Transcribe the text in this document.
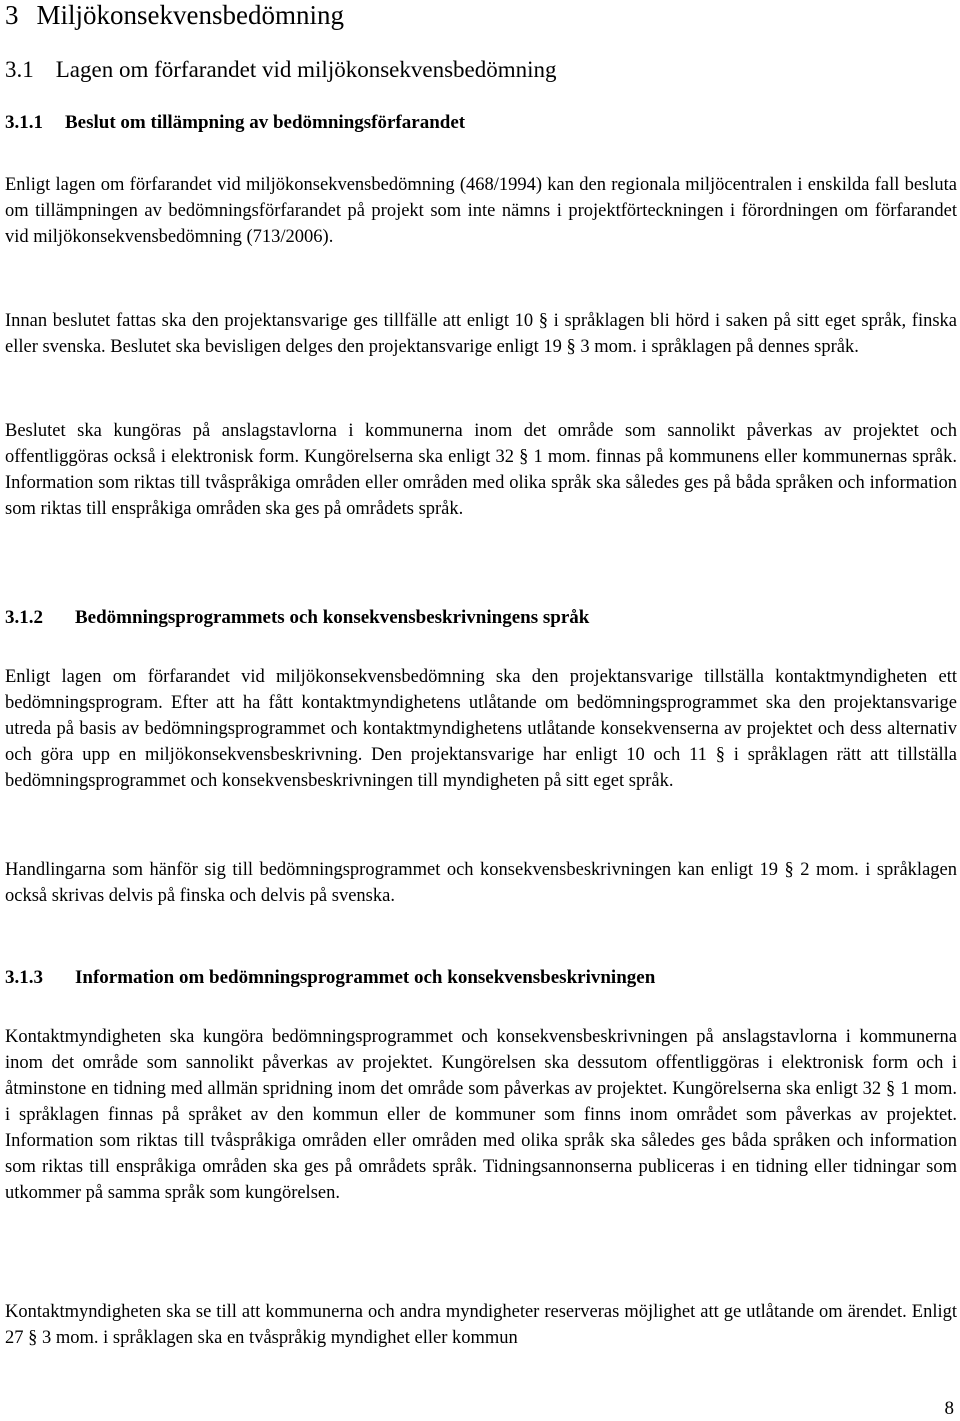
3 Miljökonsekvensbedömning
3.1 Lagen om förfarandet vid miljökonsekvensbedömning
3.1.1 Beslut om tillämpning av bedömningsförfarandet

Enligt lagen om förfarandet vid miljökonsekvensbedömning (468/1994) kan den regionala miljöcentralen i enskilda fall besluta om tillämpningen av bedömningsförfarandet på projekt som inte nämns i projektförteckningen i förordningen om förfarandet vid miljökonsekvensbedömning (713/2006).

Innan beslutet fattas ska den projektansvarige ges tillfälle att enligt 10 § i språklagen bli hörd i saken på sitt eget språk, finska eller svenska. Beslutet ska bevisligen delges den projektansvarige enligt 19 § 3 mom. i språklagen på dennes språk.

Beslutet ska kungöras på anslagstavlorna i kommunerna inom det område som sannolikt påverkas av projektet och offentliggöras också i elektronisk form. Kungörelserna ska enligt 32 § 1 mom. finnas på kommunens eller kommunernas språk. Information som riktas till tvåspråkiga områden eller områden med olika språk ska således ges på båda språken och information som riktas till enspråkiga områden ska ges på områdets språk.

3.1.2 Bedömningsprogrammets och konsekvensbeskrivningens språk

Enligt lagen om förfarandet vid miljökonsekvensbedömning ska den projektansvarige tillställa kontaktmyndigheten ett bedömningsprogram. Efter att ha fått kontaktmyndighetens utlåtande om bedömningsprogrammet ska den projektansvarige utreda på basis av bedömningsprogrammet och kontaktmyndighetens utlåtande konsekvenserna av projektet och dess alternativ och göra upp en miljökonsekvensbeskrivning. Den projektansvarige har enligt 10 och 11 § i språklagen rätt att tillställa bedömningsprogrammet och konsekvensbeskrivningen till myndigheten på sitt eget språk.

Handlingarna som hänför sig till bedömningsprogrammet och konsekvensbeskrivningen kan enligt 19 § 2 mom. i språklagen också skrivas delvis på finska och delvis på svenska.

3.1.3 Information om bedömningsprogrammet och konsekvensbeskrivningen

Kontaktmyndigheten ska kungöra bedömningsprogrammet och konsekvensbeskrivningen på anslagstavlorna i kommunerna inom det område som sannolikt påverkas av projektet. Kungörelsen ska dessutom offentliggöras i elektronisk form och i åtminstone en tidning med allmän spridning inom det område som påverkas av projektet. Kungörelserna ska enligt 32 § 1 mom. i språklagen finnas på språket av den kommun eller de kommuner som finns inom området som påverkas av projektet. Information som riktas till tvåspråkiga områden eller områden med olika språk ska således ges båda språken och information som riktas till enspråkiga områden ska ges på områdets språk. Tidningsannonserna publiceras i en tidning eller tidningar som utkommer på samma språk som kungörelsen.

Kontaktmyndigheten ska se till att kommunerna och andra myndigheter reserveras möjlighet att ge utlåtande om ärendet. Enligt 27 § 3 mom. i språklagen ska en tvåspråkig myndighet eller kommun

8
